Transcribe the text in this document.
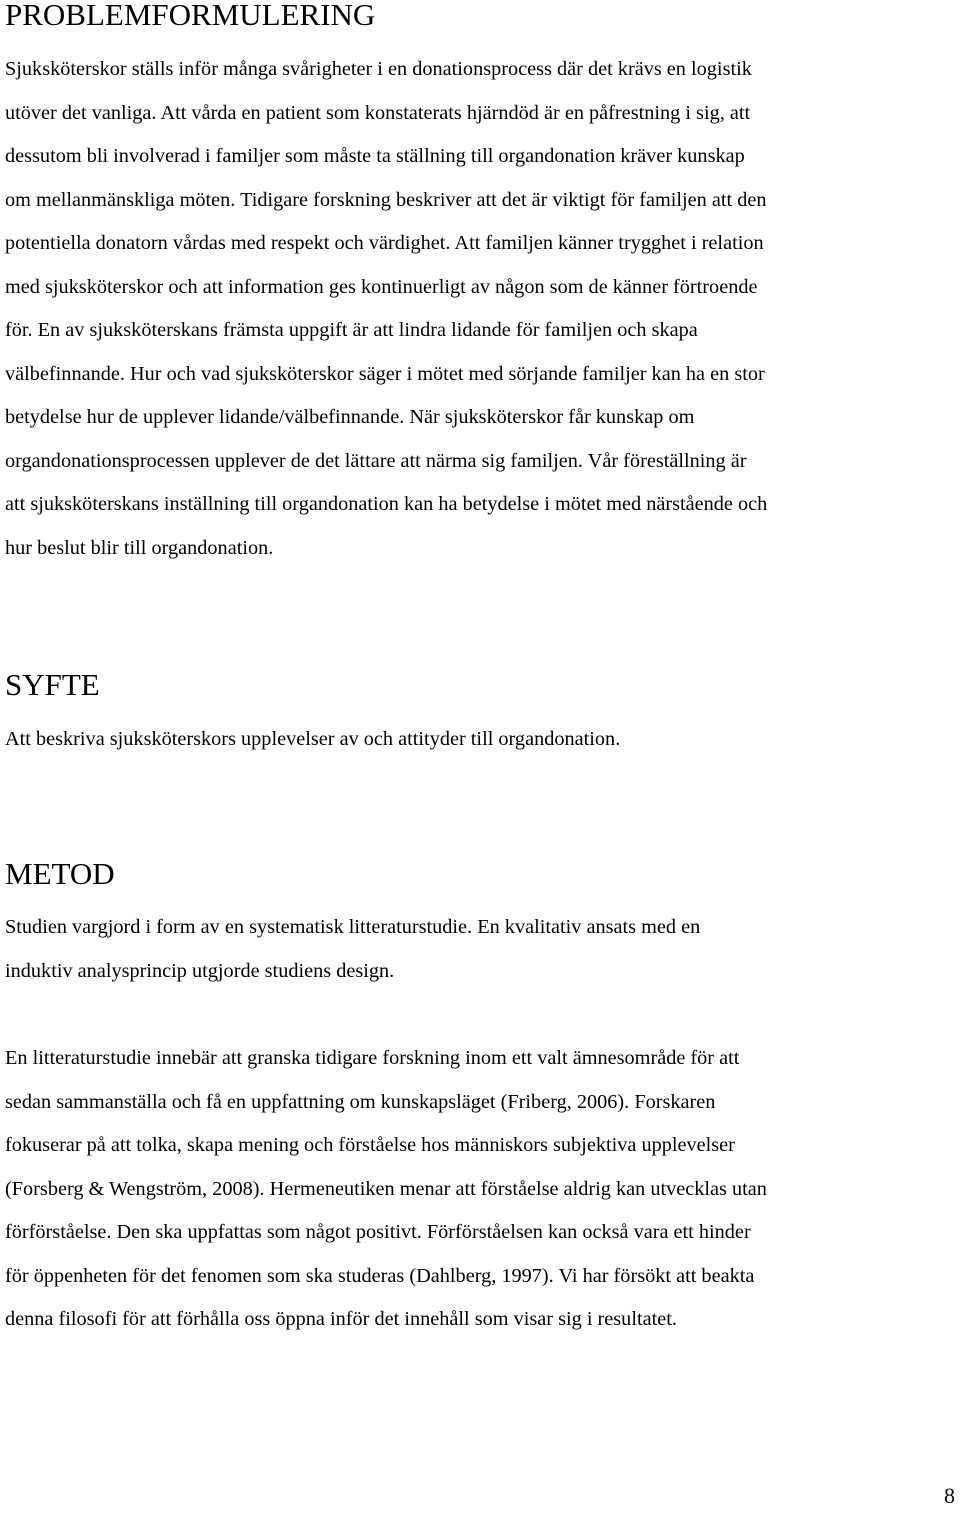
PROBLEMFORMULERING
Sjuksköterskor ställs inför många svårigheter i en donationsprocess där det krävs en logistik
utöver det vanliga. Att vårda en patient som konstaterats hjärndöd är en påfrestning i sig, att
dessutom bli involverad i familjer som måste ta ställning till organdonation kräver kunskap
om mellanmänskliga möten. Tidigare forskning beskriver att det är viktigt för familjen att den
potentiella donatorn vårdas med respekt och värdighet. Att familjen känner trygghet i relation
med sjuksköterskor och att information ges kontinuerligt av någon som de känner förtroende
för. En av sjuksköterskans främsta uppgift är att lindra lidande för familjen och skapa
välbefinnande. Hur och vad sjuksköterskor säger i mötet med sörjande familjer kan ha en stor
betydelse hur de upplever lidande/välbefinnande. När sjuksköterskor får kunskap om
organdonationsprocessen upplever de det lättare att närma sig familjen. Vår föreställning är
att sjuksköterskans inställning till organdonation kan ha betydelse i mötet med närstående och
hur beslut blir till organdonation.
SYFTE
Att beskriva sjuksköterskors upplevelser av och attityder till organdonation.
METOD
Studien vargjord i form av en systematisk litteraturstudie. En kvalitativ ansats med en
induktiv analysprincip utgjorde studiens design.
En litteraturstudie innebär att granska tidigare forskning inom ett valt ämnesområde för att
sedan sammanställa och få en uppfattning om kunskapsläget (Friberg, 2006). Forskaren
fokuserar på att tolka, skapa mening och förståelse hos människors subjektiva upplevelser
(Forsberg & Wengström, 2008). Hermeneutiken menar att förståelse aldrig kan utvecklas utan
förförståelse. Den ska uppfattas som något positivt. Förförståelsen kan också vara ett hinder
för öppenheten för det fenomen som ska studeras (Dahlberg, 1997). Vi har försökt att beakta
denna filosofi för att förhålla oss öppna inför det innehåll som visar sig i resultatet.
8
